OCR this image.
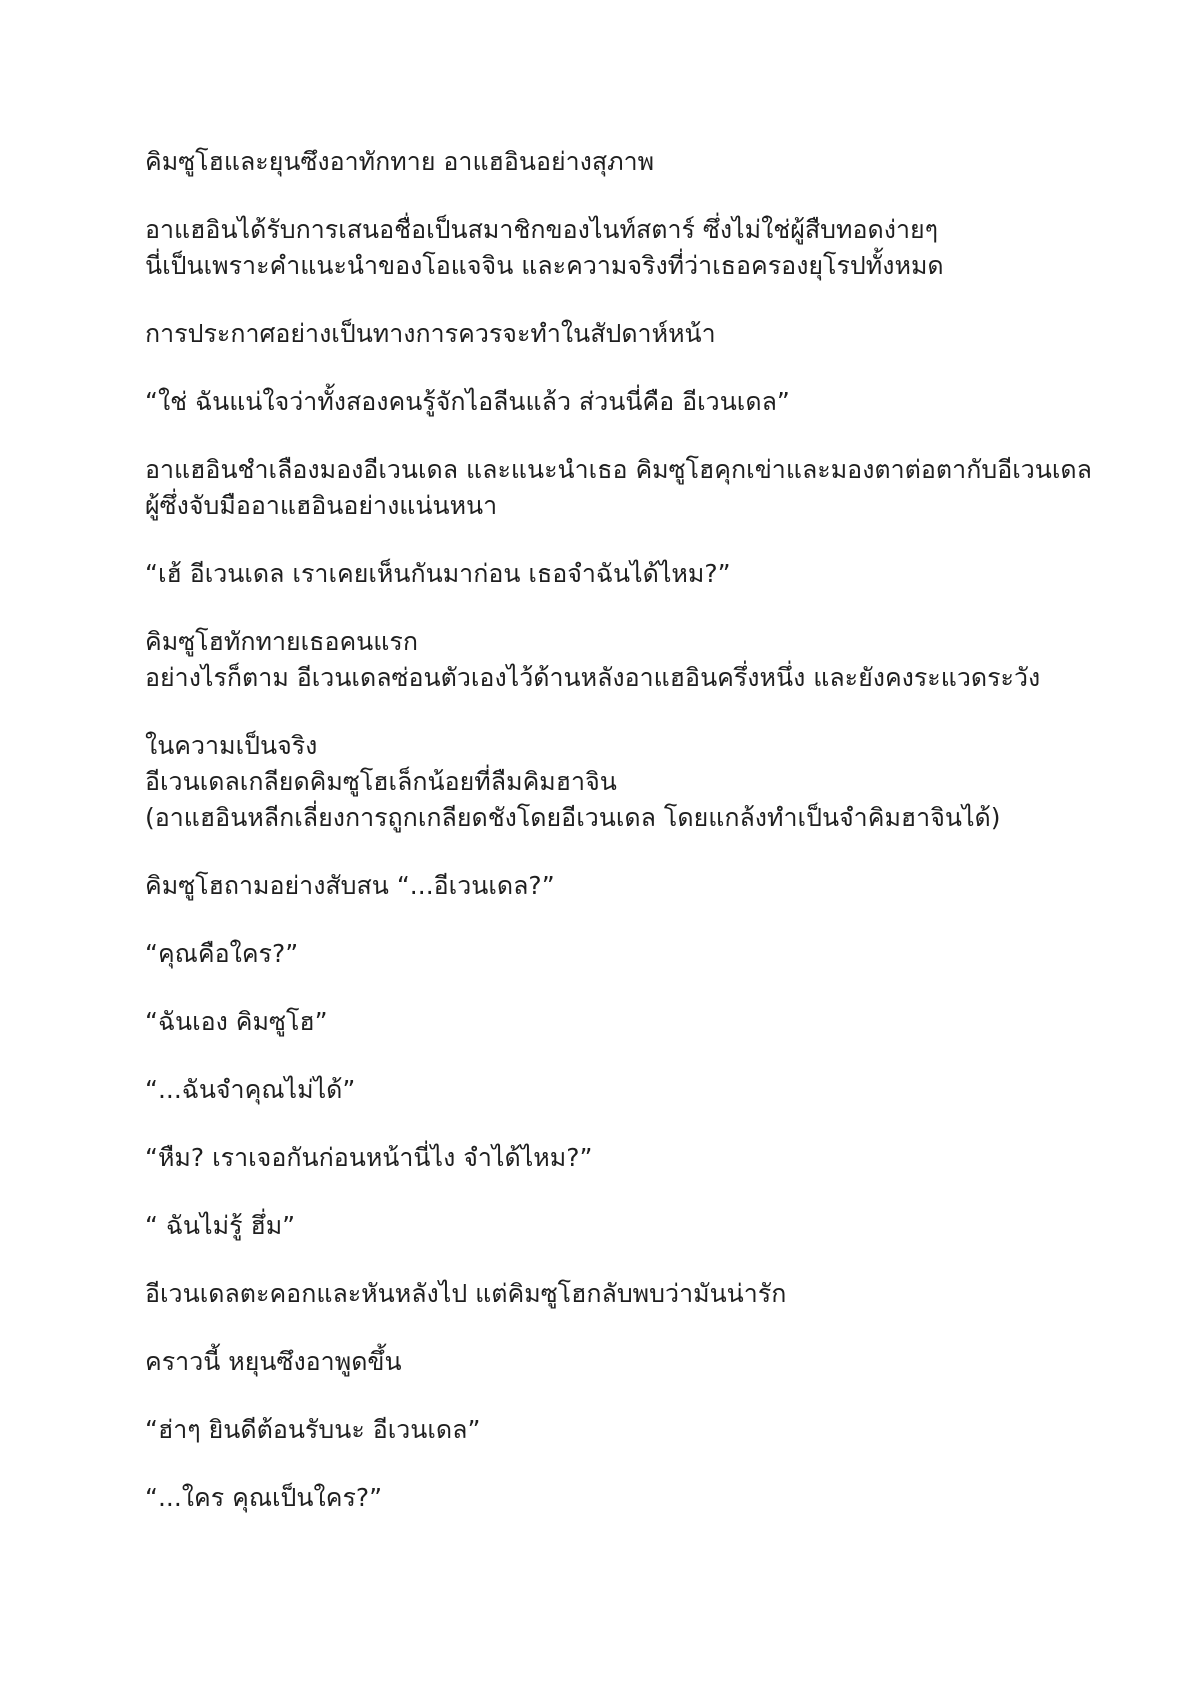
คิมซูโฮและยุนซึงอาทักทาย อาแฮอินอย่างสุภาพ

อาแฮอินได้รับการเสนอชื่อเป็นสมาชิกของไนท์สตาร์ ซึ่งไม่ใช่ผู้สืบทอดง่ายๆ
นี่เป็นเพราะคำแนะนำของโอแจจิน และความจริงที่ว่าเธอครองยุโรปทั้งหมด

การประกาศอย่างเป็นทางการควรจะทำในสัปดาห์หน้า

“ใช่ ฉันแน่ใจว่าทั้งสองคนรู้จักไอลีนแล้ว ส่วนนี่คือ อีเวนเดล”

อาแฮอินชำเลืองมองอีเวนเดล และแนะนำเธอ คิมซูโฮคุกเข่าและมองตาต่อตากับอีเวนเดล
ผู้ซึ่งจับมืออาแฮอินอย่างแน่นหนา

“เฮ้ อีเวนเดล เราเคยเห็นกันมาก่อน เธอจำฉันได้ไหม?”

คิมซูโฮทักทายเธอคนแรก
อย่างไรก็ตาม อีเวนเดลซ่อนตัวเองไว้ด้านหลังอาแฮอินครึ่งหนึ่ง และยังคงระแวดระวัง

ในความเป็นจริง
อีเวนเดลเกลียดคิมซูโฮเล็กน้อยที่ลืมคิมฮาจิน
(อาแฮอินหลีกเลี่ยงการถูกเกลียดชังโดยอีเวนเดล โดยแกล้งทำเป็นจำคิมฮาจินได้)

คิมซูโฮถามอย่างสับสน “...อีเวนเดล?”

“คุณคือใคร?”

“ฉันเอง คิมซูโฮ”

“...ฉันจำคุณไม่ได้”

“หืม? เราเจอกันก่อนหน้านี่ไง จำได้ไหม?”

“ ฉันไม่รู้ ฮึ่ม”

อีเวนเดลตะคอกและหันหลังไป แต่คิมซูโฮกลับพบว่ามันน่ารัก

คราวนี้ หยุนซึงอาพูดขึ้น

“ฮ่าๆ ยินดีต้อนรับนะ อีเวนเดล”

“...ใคร คุณเป็นใคร?”
